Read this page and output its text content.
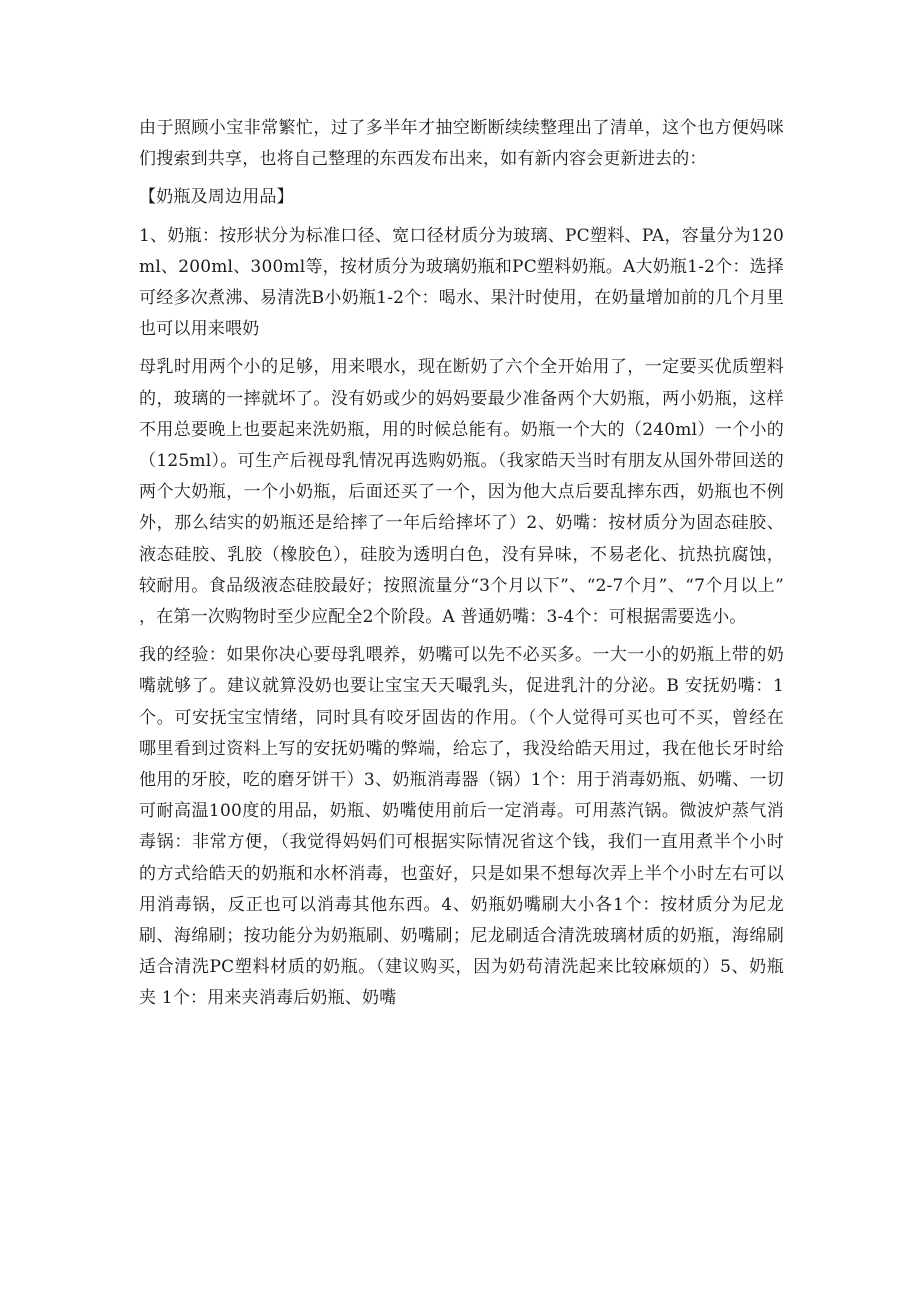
由于照顾小宝非常繁忙，过了多半年才抽空断断续续整理出了清单，这个也方便妈咪们搜索到共享，也将自己整理的东西发布出来，如有新内容会更新进去的：

【奶瓶及周边用品】

1、奶瓶：按形状分为标准口径、宽口径材质分为玻璃、PC塑料、PA，容量分为120ml、200ml、300ml等，按材质分为玻璃奶瓶和PC塑料奶瓶。A大奶瓶1-2个：选择可经多次煮沸、易清洗B小奶瓶1-2个：喝水、果汁时使用，在奶量增加前的几个月里也可以用来喂奶

母乳时用两个小的足够，用来喂水，现在断奶了六个全开始用了，一定要买优质塑料的，玻璃的一摔就坏了。没有奶或少的妈妈要最少准备两个大奶瓶，两小奶瓶，这样不用总要晚上也要起来洗奶瓶，用的时候总能有。奶瓶一个大的（240ml）一个小的（125ml）。可生产后视母乳情况再选购奶瓶。（我家皓天当时有朋友从国外带回送的两个大奶瓶，一个小奶瓶，后面还买了一个，因为他大点后要乱摔东西，奶瓶也不例外，那么结实的奶瓶还是给摔了一年后给摔坏了）2、奶嘴：按材质分为固态硅胶、液态硅胶、乳胶（橡胶色），硅胶为透明白色，没有异味，不易老化、抗热抗腐蚀，较耐用。食品级液态硅胶最好；按照流量分“3个月以下”、“2-7个月”、“7个月以上” ，在第一次购物时至少应配全2个阶段。A 普通奶嘴：3-4个：可根据需要选小。

我的经验：如果你决心要母乳喂养，奶嘴可以先不必买多。一大一小的奶瓶上带的奶嘴就够了。建议就算没奶也要让宝宝天天嘬乳头，促进乳汁的分泌。B 安抚奶嘴：1个。可安抚宝宝情绪，同时具有咬牙固齿的作用。（个人觉得可买也可不买，曾经在哪里看到过资料上写的安抚奶嘴的弊端，给忘了，我没给皓天用过，我在他长牙时给他用的牙胶，吃的磨牙饼干）3、奶瓶消毒器（锅）1个：用于消毒奶瓶、奶嘴、一切可耐高温100度的用品，奶瓶、奶嘴使用前后一定消毒。可用蒸汽锅。微波炉蒸气消毒锅：非常方便，（我觉得妈妈们可根据实际情况省这个钱，我们一直用煮半个小时的方式给皓天的奶瓶和水杯消毒，也蛮好，只是如果不想每次弄上半个小时左右可以用消毒锅，反正也可以消毒其他东西。4、奶瓶奶嘴刷大小各1个：按材质分为尼龙刷、海绵刷；按功能分为奶瓶刷、奶嘴刷；尼龙刷适合清洗玻璃材质的奶瓶，海绵刷适合清洗PC塑料材质的奶瓶。（建议购买，因为奶苟清洗起来比较麻烦的）5、奶瓶夹 1个：用来夹消毒后奶瓶、奶嘴
